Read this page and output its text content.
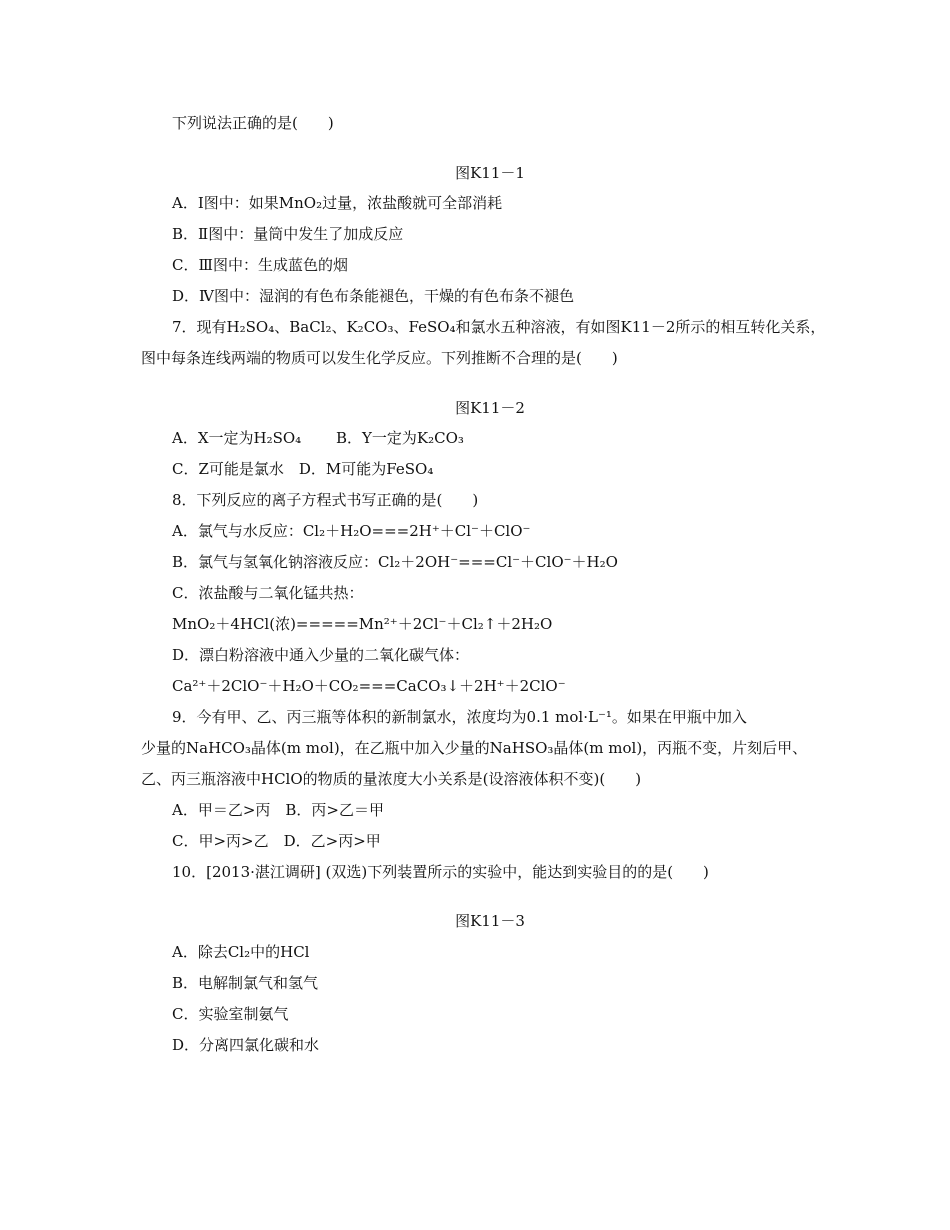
下列说法正确的是(　　)
图K11－1
A．Ⅰ图中：如果MnO₂过量，浓盐酸就可全部消耗
B．Ⅱ图中：量筒中发生了加成反应
C．Ⅲ图中：生成蓝色的烟
D．Ⅳ图中：湿润的有色布条能褪色，干燥的有色布条不褪色
7．现有H₂SO₄、BaCl₂、K₂CO₃、FeSO₄和氯水五种溶液，有如图K11－2所示的相互转化关系，
图中每条连线两端的物质可以发生化学反应。下列推断不合理的是(　　)
图K11－2
A．X一定为H₂SO₄　　 B．Y一定为K₂CO₃
C．Z可能是氯水　D．M可能为FeSO₄
8．下列反应的离子方程式书写正确的是(　　)
A．氯气与水反应：Cl₂＋H₂O===2H⁺＋Cl⁻＋ClO⁻
B．氯气与氢氧化钠溶液反应：Cl₂＋2OH⁻===Cl⁻＋ClO⁻＋H₂O
C．浓盐酸与二氧化锰共热：
MnO₂＋4HCl(浓)=====Mn²⁺＋2Cl⁻＋Cl₂↑＋2H₂O
D．漂白粉溶液中通入少量的二氧化碳气体：
Ca²⁺＋2ClO⁻＋H₂O＋CO₂===CaCO₃↓＋2H⁺＋2ClO⁻
9．今有甲、乙、丙三瓶等体积的新制氯水，浓度均为0.1 mol·L⁻¹。如果在甲瓶中加入
少量的NaHCO₃晶体(m mol)，在乙瓶中加入少量的NaHSO₃晶体(m mol)，丙瓶不变，片刻后甲、
乙、丙三瓶溶液中HClO的物质的量浓度大小关系是(设溶液体积不变)(　　)
A．甲＝乙>丙　B．丙>乙＝甲
C．甲>丙>乙　D．乙>丙>甲
10．[2013·湛江调研] (双选)下列装置所示的实验中，能达到实验目的的是(　　)
图K11－3
A．除去Cl₂中的HCl
B．电解制氯气和氢气
C．实验室制氨气
D．分离四氯化碳和水
